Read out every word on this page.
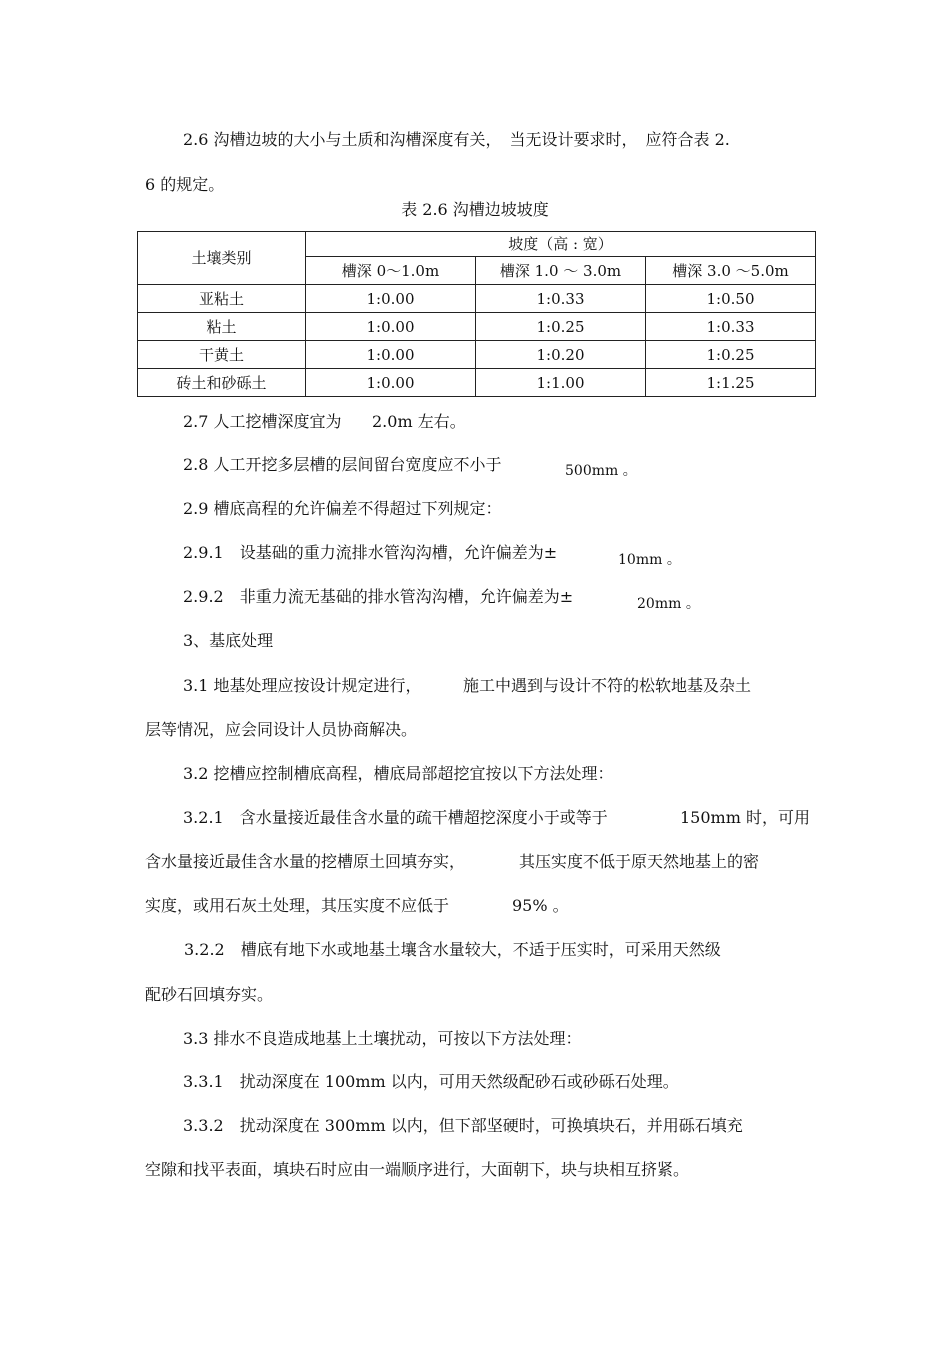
2.6 沟槽边坡的大小与土质和沟槽深度有关，　当无设计要求时，　应符合表 2.
6 的规定。
表 2.6 沟槽边坡坡度
土壤类别	坡度（高 : 宽）		
	槽深 0～1.0m	槽深 1.0 ～ 3.0m	槽深 3.0 ～5.0m
亚粘土	1:0.00	1:0.33	1:0.50
粘土	1:0.00	1:0.25	1:0.33
干黄土	1:0.00	1:0.20	1:0.25
砖土和砂砾土	1:0.00	1:1.00	1:1.25
2.7 人工挖槽深度宜为 2.0m 左右。
2.8 人工开挖多层槽的层间留台宽度应不小于	500mm 。
2.9 槽底高程的允许偏差不得超过下列规定：
2.9.1　设基础的重力流排水管沟沟槽，允许偏差为±	10mm 。
2.9.2　非重力流无基础的排水管沟沟槽，允许偏差为±	20mm 。
3、基底处理
3.1 地基处理应按设计规定进行，	施工中遇到与设计不符的松软地基及杂土
层等情况，应会同设计人员协商解决。
3.2 挖槽应控制槽底高程，槽底局部超挖宜按以下方法处理：
3.2.1　含水量接近最佳含水量的疏干槽超挖深度小于或等于	150mm 时，可用
含水量接近最佳含水量的挖槽原土回填夯实，	其压实度不低于原天然地基上的密
实度，或用石灰土处理，其压实度不应低于	95% 。
3.2.2　槽底有地下水或地基土壤含水量较大，不适于压实时，可采用天然级
配砂石回填夯实。
3.3 排水不良造成地基上土壤扰动，可按以下方法处理：
3.3.1　扰动深度在 100mm 以内，可用天然级配砂石或砂砾石处理。
3.3.2　扰动深度在 300mm 以内，但下部坚硬时，可换填块石，并用砾石填充
空隙和找平表面，填块石时应由一端顺序进行，大面朝下，块与块相互挤紧。
